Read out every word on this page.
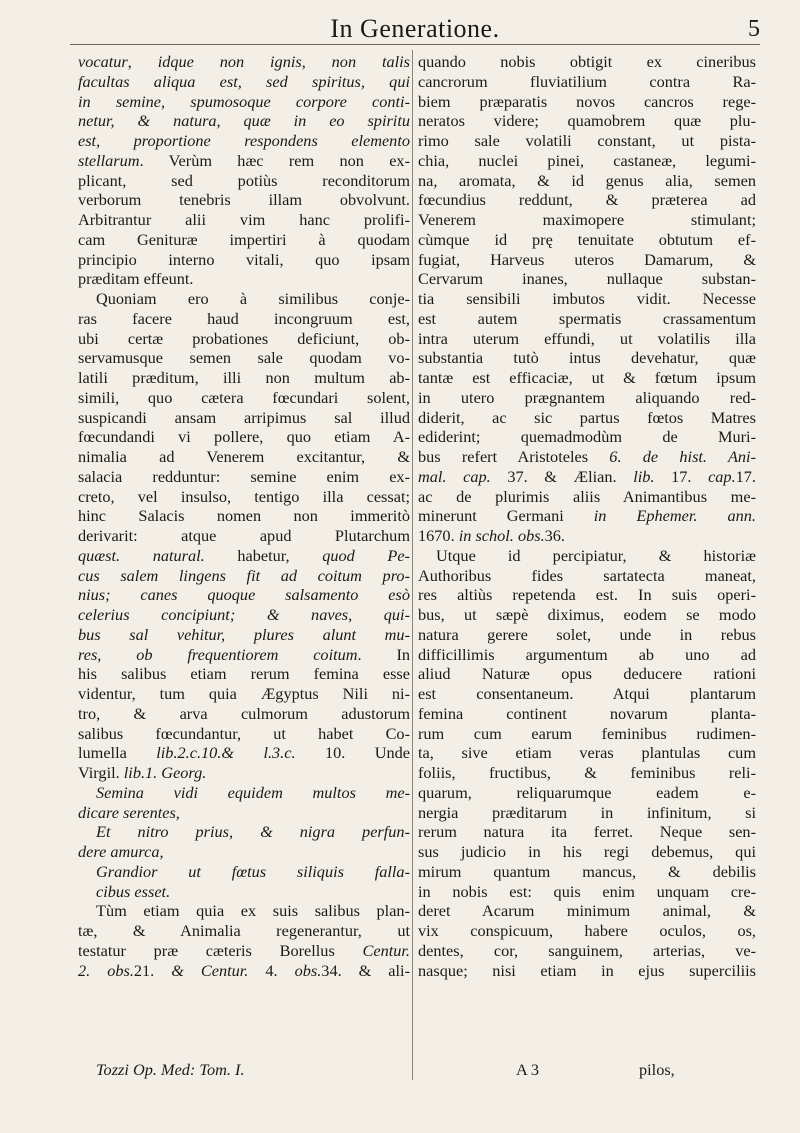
In Generatione.	5
vocatur, idque non ignis, non talis
facultas aliqua est, sed spiritus, qui
in semine, spumosoque corpore conti-
netur, & natura, quæ in eo spiritu
est, proportione respondens elemento
stellarum. Verùm hæc rem non ex-
plicant, sed potiùs reconditorum
verborum tenebris illam obvolvunt.
Arbitrantur alii vim hanc prolifi-
cam Genituræ impertiri à quodam
principio interno vitali, quo ipsam
præditam effeunt.
Quoniam ero à similibus conje-
ras facere haud incongruum est,
ubi certæ probationes deficiunt, ob-
servamusque semen sale quodam vo-
latili præditum, illi non multum ab-
simili, quo cætera fœcundari solent,
suspicandi ansam arripimus sal illud
fœcundandi vi pollere, quo etiam A-
nimalia ad Venerem excitantur, &
salacia redduntur: semine enim ex-
creto, vel insulso, tentigo illa cessat;
hinc Salacis nomen non immeritò
derivarit: atque apud Plutarchum
quæst. natural. habetur, quod Pe-
cus salem lingens fit ad coitum pro-
nius; canes quoque salsamento esò
celerius concipiunt; & naves, qui-
bus sal vehitur, plures alunt mu-
res, ob frequentiorem coitum. In
his salibus etiam rerum femina esse
videntur, tum quia Ægyptus Nili ni-
tro, & arva culmorum adustorum
salibus fœcundantur, ut habet Co-
lumella lib.2.c.10.& l.3.c. 10. Unde
Virgil. lib.1. Georg.
Semina vidi equidem multos me-
dicare serentes,
Et nitro prius, & nigra perfun-
dere amurca,
Grandior ut fœtus siliquis falla-
cibus esset.
Tùm etiam quia ex suis salibus plan-
tæ, & Animalia regenerantur, ut
testatur præ cæteris Borellus Centur.
2. obs.21. & Centur. 4. obs.34. & ali-
quando nobis obtigit ex cineribus
cancrorum fluviatilium contra Ra-
biem præparatis novos cancros rege-
neratos videre; quamobrem quæ plu-
rimo sale volatili constant, ut pista-
chia, nuclei pinei, castaneæ, legumi-
na, aromata, & id genus alia, semen
fœcundius reddunt, & præterea ad
Venerem maximopere stimulant;
cùmque id prę tenuitate obtutum ef-
fugiat, Harveus uteros Damarum, &
Cervarum inanes, nullaque substan-
tia sensibili imbutos vidit. Necesse
est autem spermatis crassamentum
intra uterum effundi, ut volatilis illa
substantia tutò intus devehatur, quæ
tantæ est efficaciæ, ut & fœtum ipsum
in utero prægnantem aliquando red-
diderit, ac sic partus fœtos Matres
ediderint; quemadmodùm de Muri-
bus refert Aristoteles 6. de hist. Ani-
mal. cap. 37. & Ælian. lib. 17. cap.17.
ac de plurimis aliis Animantibus me-
minerunt Germani in Ephemer. ann.
1670. in schol. obs.36.
Utque id percipiatur, & historiæ
Authoribus fides sartatecta maneat,
res altiùs repetenda est. In suis operi-
bus, ut sæpè diximus, eodem se modo
natura gerere solet, unde in rebus
difficillimis argumentum ab uno ad
aliud Naturæ opus deducere rationi
est consentaneum. Atqui plantarum
femina continent novarum planta-
rum cum earum feminibus rudimen-
ta, sive etiam veras plantulas cum
foliis, fructibus, & feminibus reli-
quarum, reliquarumque eadem e-
nergia præditarum in infinitum, si
rerum natura ita ferret. Neque sen-
sus judicio in his regi debemus, qui
mirum quantum mancus, & debilis
in nobis est: quis enim unquam cre-
deret Acarum minimum animal, &
vix conspicuum, habere oculos, os,
dentes, cor, sanguinem, arterias, ve-
nasque; nisi etiam in ejus superciliis
Tozzi Op. Med: Tom. I.	A 3	pilos,
